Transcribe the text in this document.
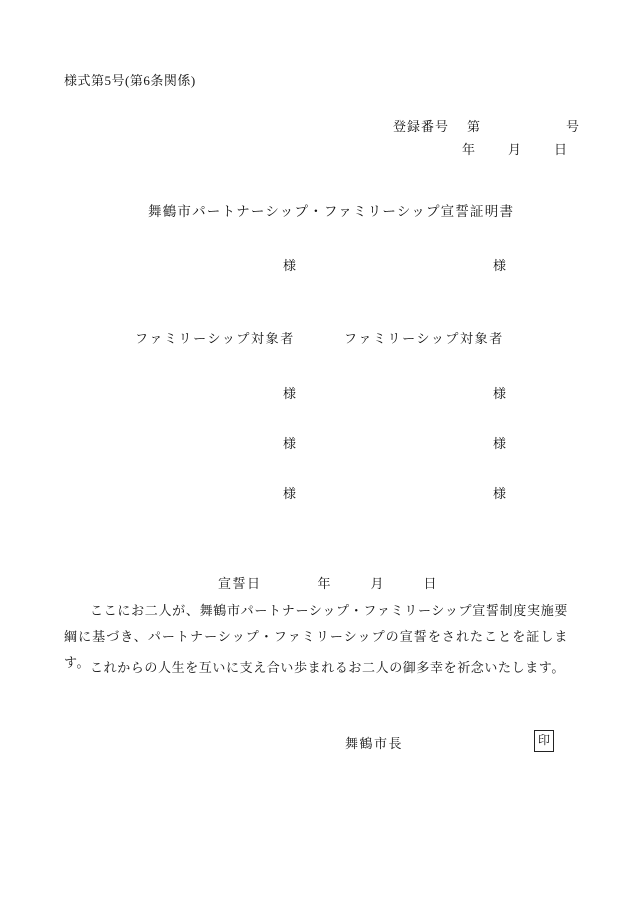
様式第5号(第6条関係)

登録番号 第	号

年	月	日

舞鶴市パートナーシップ・ファミリーシップ宣誓証明書
様	様
ファミリーシップ対象者	ファミリーシップ対象者
様	様
様	様
様	様

宣誓日	年	月	日

ここにお二人が、舞鶴市パートナーシップ・ファミリーシップ宣誓制度実施要綱に基づき、パートナーシップ・ファミリーシップの宣誓をされたことを証します。 これからの人生を互いに支え合い歩まれるお二人の御多幸を祈念いたします。
舞鶴市長	印
